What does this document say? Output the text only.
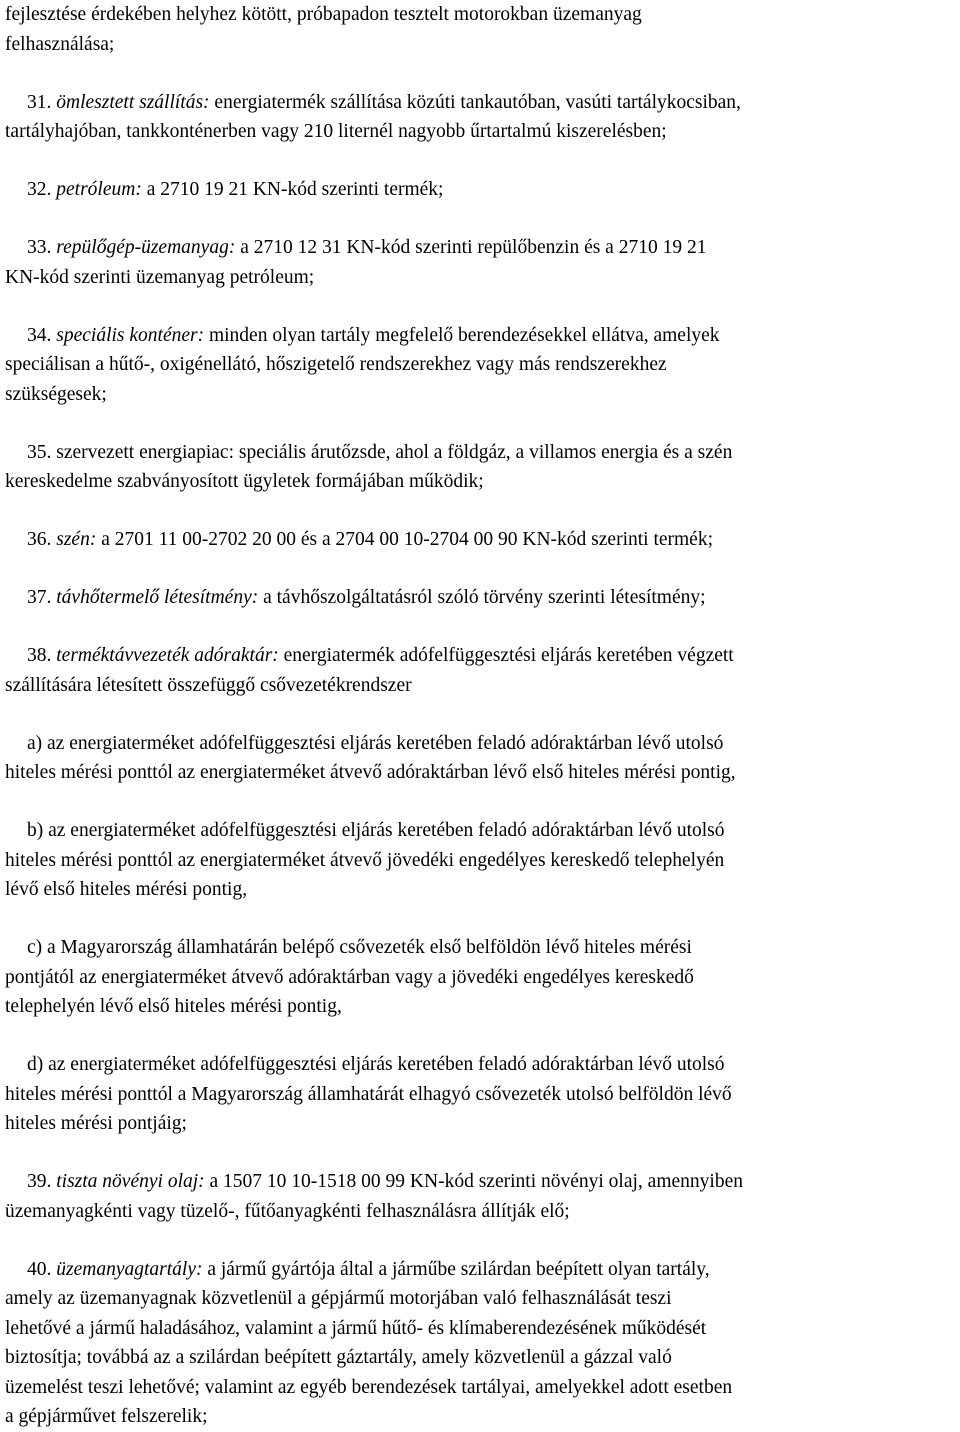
fejlesztése érdekében helyhez kötött, próbapadon tesztelt motorokban üzemanyag
felhasználása;
31. ömlesztett szállítás: energiatermék szállítása közúti tankautóban, vasúti tartálykocsiban,
tartályhajóban, tankkonténerben vagy 210 liternél nagyobb űrtartalmú kiszerelésben;
32. petróleum: a 2710 19 21 KN-kód szerinti termék;
33. repülőgép-üzemanyag: a 2710 12 31 KN-kód szerinti repülőbenzin és a 2710 19 21
KN-kód szerinti üzemanyag petróleum;
34. speciális konténer: minden olyan tartály megfelelő berendezésekkel ellátva, amelyek
speciálisan a hűtő-, oxigénellátó, hőszigetelő rendszerekhez vagy más rendszerekhez
szükségesek;
35. szervezett energiapiac: speciális árutőzsde, ahol a földgáz, a villamos energia és a szén
kereskedelme szabványosított ügyletek formájában működik;
36. szén: a 2701 11 00-2702 20 00 és a 2704 00 10-2704 00 90 KN-kód szerinti termék;
37. távhőtermelő létesítmény: a távhőszolgáltatásról szóló törvény szerinti létesítmény;
38. terméktávvezeték adóraktár: energiatermék adófelfüggesztési eljárás keretében végzett
szállítására létesített összefüggő csővezetékrendszer
a) az energiaterméket adófelfüggesztési eljárás keretében feladó adóraktárban lévő utolsó
hiteles mérési ponttól az energiaterméket átvevő adóraktárban lévő első hiteles mérési pontig,
b) az energiaterméket adófelfüggesztési eljárás keretében feladó adóraktárban lévő utolsó
hiteles mérési ponttól az energiaterméket átvevő jövedéki engedélyes kereskedő telephelyén
lévő első hiteles mérési pontig,
c) a Magyarország államhatárán belépő csővezeték első belföldön lévő hiteles mérési
pontjától az energiaterméket átvevő adóraktárban vagy a jövedéki engedélyes kereskedő
telephelyén lévő első hiteles mérési pontig,
d) az energiaterméket adófelfüggesztési eljárás keretében feladó adóraktárban lévő utolsó
hiteles mérési ponttól a Magyarország államhatárát elhagyó csővezeték utolsó belföldön lévő
hiteles mérési pontjáig;
39. tiszta növényi olaj: a 1507 10 10-1518 00 99 KN-kód szerinti növényi olaj, amennyiben
üzemanyagkénti vagy tüzelő-, fűtőanyagkénti felhasználásra állítják elő;
40. üzemanyagtartály: a jármű gyártója által a járműbe szilárdan beépített olyan tartály,
amely az üzemanyagnak közvetlenül a gépjármű motorjában való felhasználását teszi
lehetővé a jármű haladásához, valamint a jármű hűtő- és klímaberendezésének működését
biztosítja; továbbá az a szilárdan beépített gáztartály, amely közvetlenül a gázzal való
üzemelést teszi lehetővé; valamint az egyéb berendezések tartályai, amelyekkel adott esetben
a gépjárművet felszerelik;
